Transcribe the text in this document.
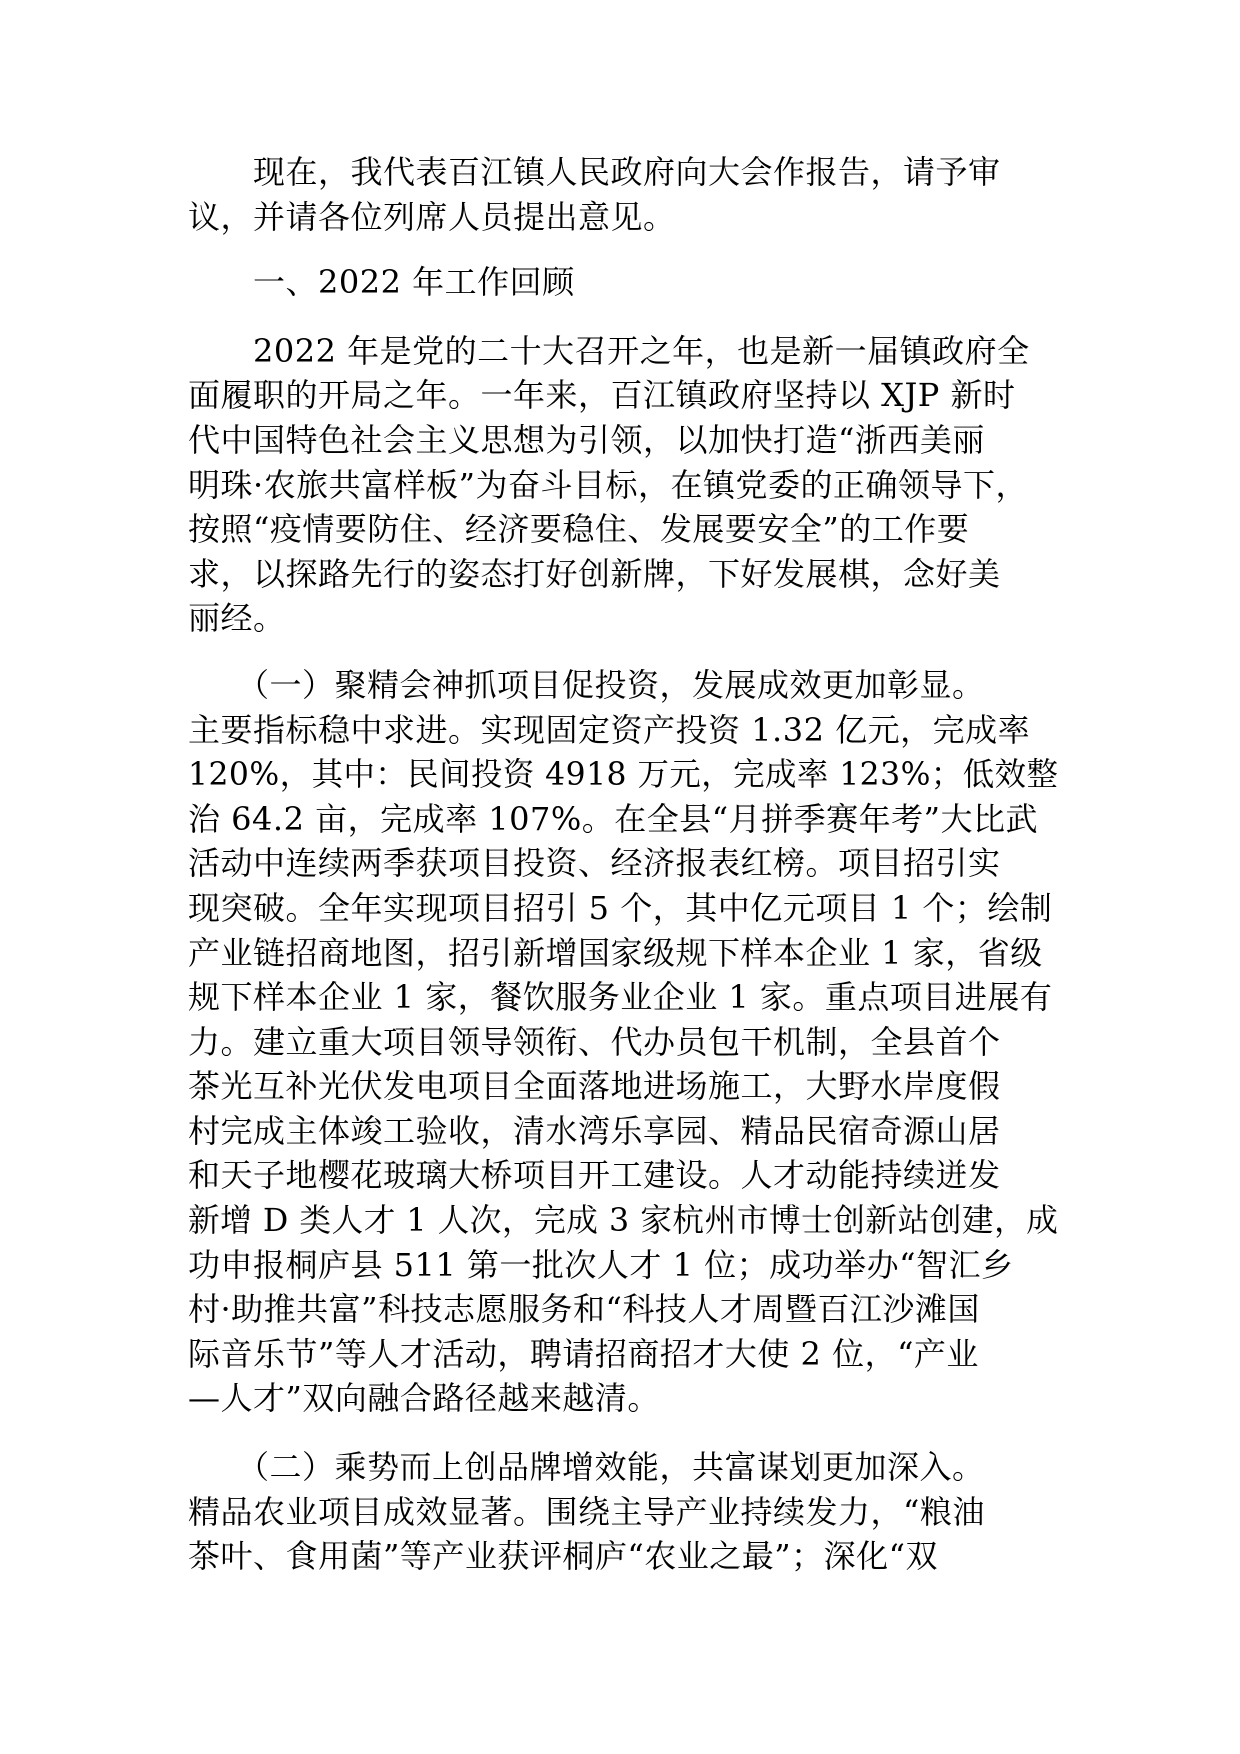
　　现在，我代表百江镇人民政府向大会作报告，请予审
议，并请各位列席人员提出意见。

　　一、2022 年工作回顾

　　2022 年是党的二十大召开之年，也是新一届镇政府全
面履职的开局之年。一年来，百江镇政府坚持以 XJP 新时
代中国特色社会主义思想为引领，以加快打造“浙西美丽
明珠·农旅共富样板”为奋斗目标，在镇党委的正确领导下，
按照“疫情要防住、经济要稳住、发展要安全”的工作要
求，以探路先行的姿态打好创新牌，下好发展棋，念好美
丽经。

　　（一）聚精会神抓项目促投资，发展成效更加彰显。
主要指标稳中求进。实现固定资产投资 1.32 亿元，完成率
120%，其中：民间投资 4918 万元，完成率 123%；低效整
治 64.2 亩，完成率 107%。在全县“月拼季赛年考”大比武
活动中连续两季获项目投资、经济报表红榜。项目招引实
现突破。全年实现项目招引 5 个，其中亿元项目 1 个；绘制
产业链招商地图，招引新增国家级规下样本企业 1 家，省级
规下样本企业 1 家，餐饮服务业企业 1 家。重点项目进展有
力。建立重大项目领导领衔、代办员包干机制，全县首个
茶光互补光伏发电项目全面落地进场施工，大野水岸度假
村完成主体竣工验收，清水湾乐享园、精品民宿奇源山居
和天子地樱花玻璃大桥项目开工建设。人才动能持续迸发
新增 D 类人才 1 人次，完成 3 家杭州市博士创新站创建，成
功申报桐庐县 511 第一批次人才 1 位；成功举办“智汇乡
村·助推共富”科技志愿服务和“科技人才周暨百江沙滩国
际音乐节”等人才活动，聘请招商招才大使 2 位，“产业
—人才”双向融合路径越来越清。

　　（二）乘势而上创品牌增效能，共富谋划更加深入。
精品农业项目成效显著。围绕主导产业持续发力，“粮油
茶叶、食用菌”等产业获评桐庐“农业之最”；深化“双
